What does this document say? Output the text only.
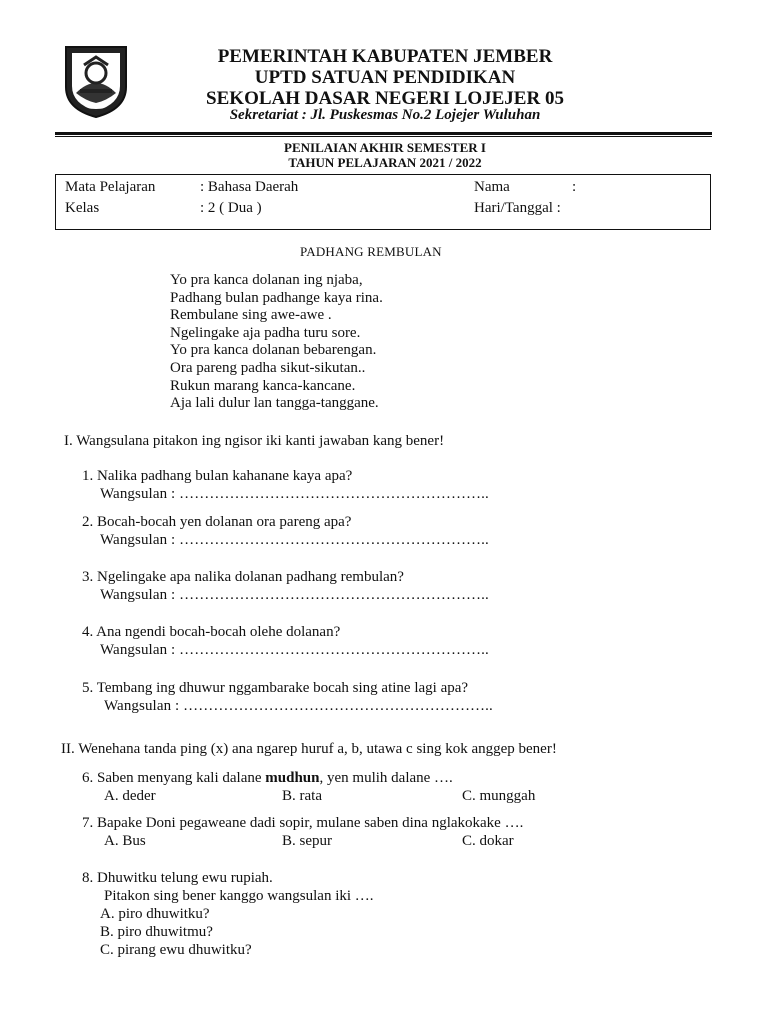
PEMERINTAH KABUPATEN JEMBER
UPTD SATUAN PENDIDIKAN
SEKOLAH DASAR NEGERI LOJEJER 05
Sekretariat : Jl. Puskesmas No.2 Lojejer Wuluhan
PENILAIAN AKHIR SEMESTER I
TAHUN PELAJARAN 2021 / 2022
Mata Pelajaran	: Bahasa Daerah
Kelas	: 2 ( Dua )
Nama	:
Hari/Tanggal :
PADHANG REMBULAN
Yo pra kanca dolanan ing njaba,
Padhang bulan padhange kaya rina.
Rembulane sing awe-awe .
Ngelingake aja padha turu sore.
Yo pra kanca dolanan bebarengan.
Ora pareng padha sikut-sikutan..
Rukun marang kanca-kancane.
Aja lali dulur lan tangga-tanggane.
I. Wangsulana pitakon ing ngisor iki kanti jawaban kang bener!
1. Nalika padhang bulan kahanane kaya apa?
Wangsulan : ……………………………………………………..
2. Bocah-bocah yen dolanan ora pareng apa?
Wangsulan : ……………………………………………………..
3. Ngelingake apa nalika dolanan padhang rembulan?
Wangsulan : ……………………………………………………..
4. Ana ngendi bocah-bocah olehe dolanan?
Wangsulan : ……………………………………………………..
5. Tembang ing dhuwur nggambarake bocah sing atine lagi apa?
Wangsulan : ……………………………………………………..
II. Wenehana tanda ping (x) ana ngarep huruf a, b, utawa c sing kok anggep bener!
6. Saben menyang kali dalane mudhun, yen mulih dalane ….
A. deder	B. rata	C. munggah
7. Bapake Doni pegaweane dadi sopir, mulane saben dina nglakokake ….
A. Bus	B. sepur	C. dokar
8. Dhuwitku telung ewu rupiah.
Pitakon sing bener kanggo wangsulan iki ….
A. piro dhuwitku?
B. piro dhuwitmu?
C. pirang ewu dhuwitku?
